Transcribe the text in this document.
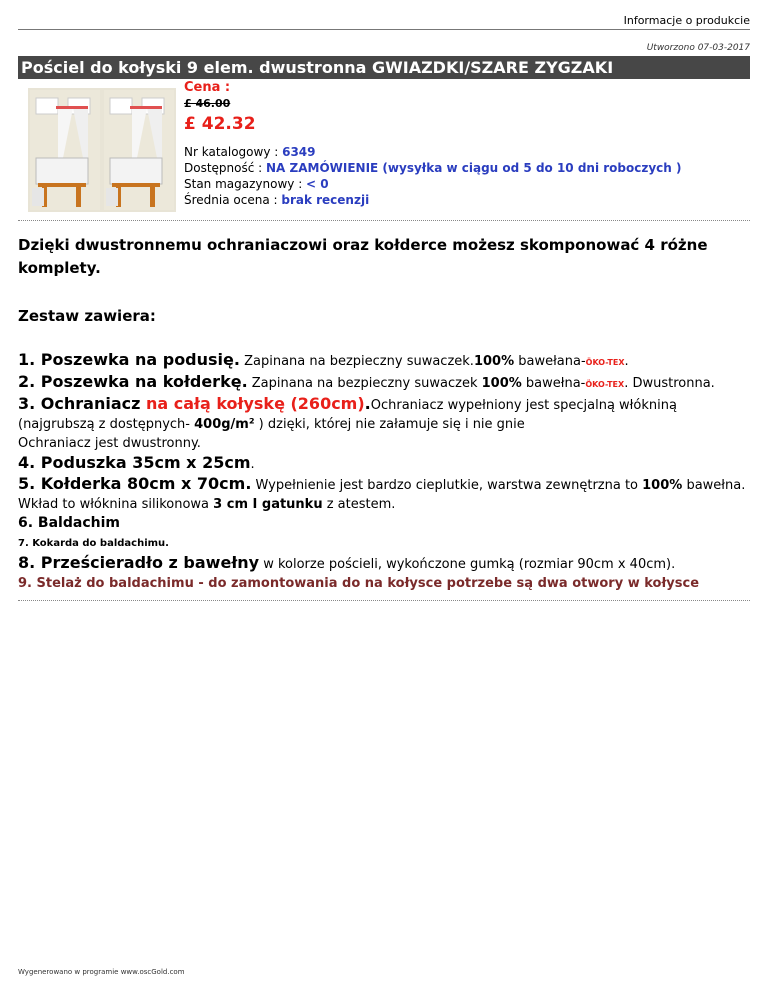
Informacje o produkcie
Utworzono 07-03-2017
Pościel do kołyski 9 elem. dwustronna GWIAZDKI/SZARE ZYGZAKI
Cena :
£ 46.00
£ 42.32
Nr katalogowy : 6349
Dostępność : NA ZAMÓWIENIE (wysyłka w ciągu od 5 do 10 dni roboczych )
Stan magazynowy : < 0
Średnia ocena : brak recenzji

Dzięki dwustronnemu ochraniaczowi oraz kołderce możesz skomponować 4 różne komplety.

Zestaw zawiera:
1. Poszewka na podusię. Zapinana na bezpieczny suwaczek.100% bawełana-ÖKO-TEX.
2. Poszewka na kołderkę. Zapinana na bezpieczny suwaczek 100% bawełna-ÖKO-TEX. Dwustronna.
3. Ochraniacz na całą kołyskę (260cm).Ochraniacz wypełniony jest specjalną włókniną (najgrubszą z dostępnych- 400g/m² ) dzięki, której nie załamuje się i nie gnie
Ochraniacz jest dwustronny.
4. Poduszka 35cm x 25cm.
5. Kołderka 80cm x 70cm. Wypełnienie jest bardzo cieplutkie, warstwa zewnętrzna to 100% bawełna.
Wkład to włóknina silikonowa 3 cm I gatunku z atestem.
6. Baldachim
7. Kokarda do baldachimu.
8. Prześcieradło z bawełny w kolorze pościeli, wykończone gumką (rozmiar 90cm x 40cm).
9. Stelaż do baldachimu - do zamontowania do na kołysce potrzebe są dwa otwory w kołysce
Wygenerowano w programie www.oscGold.com
